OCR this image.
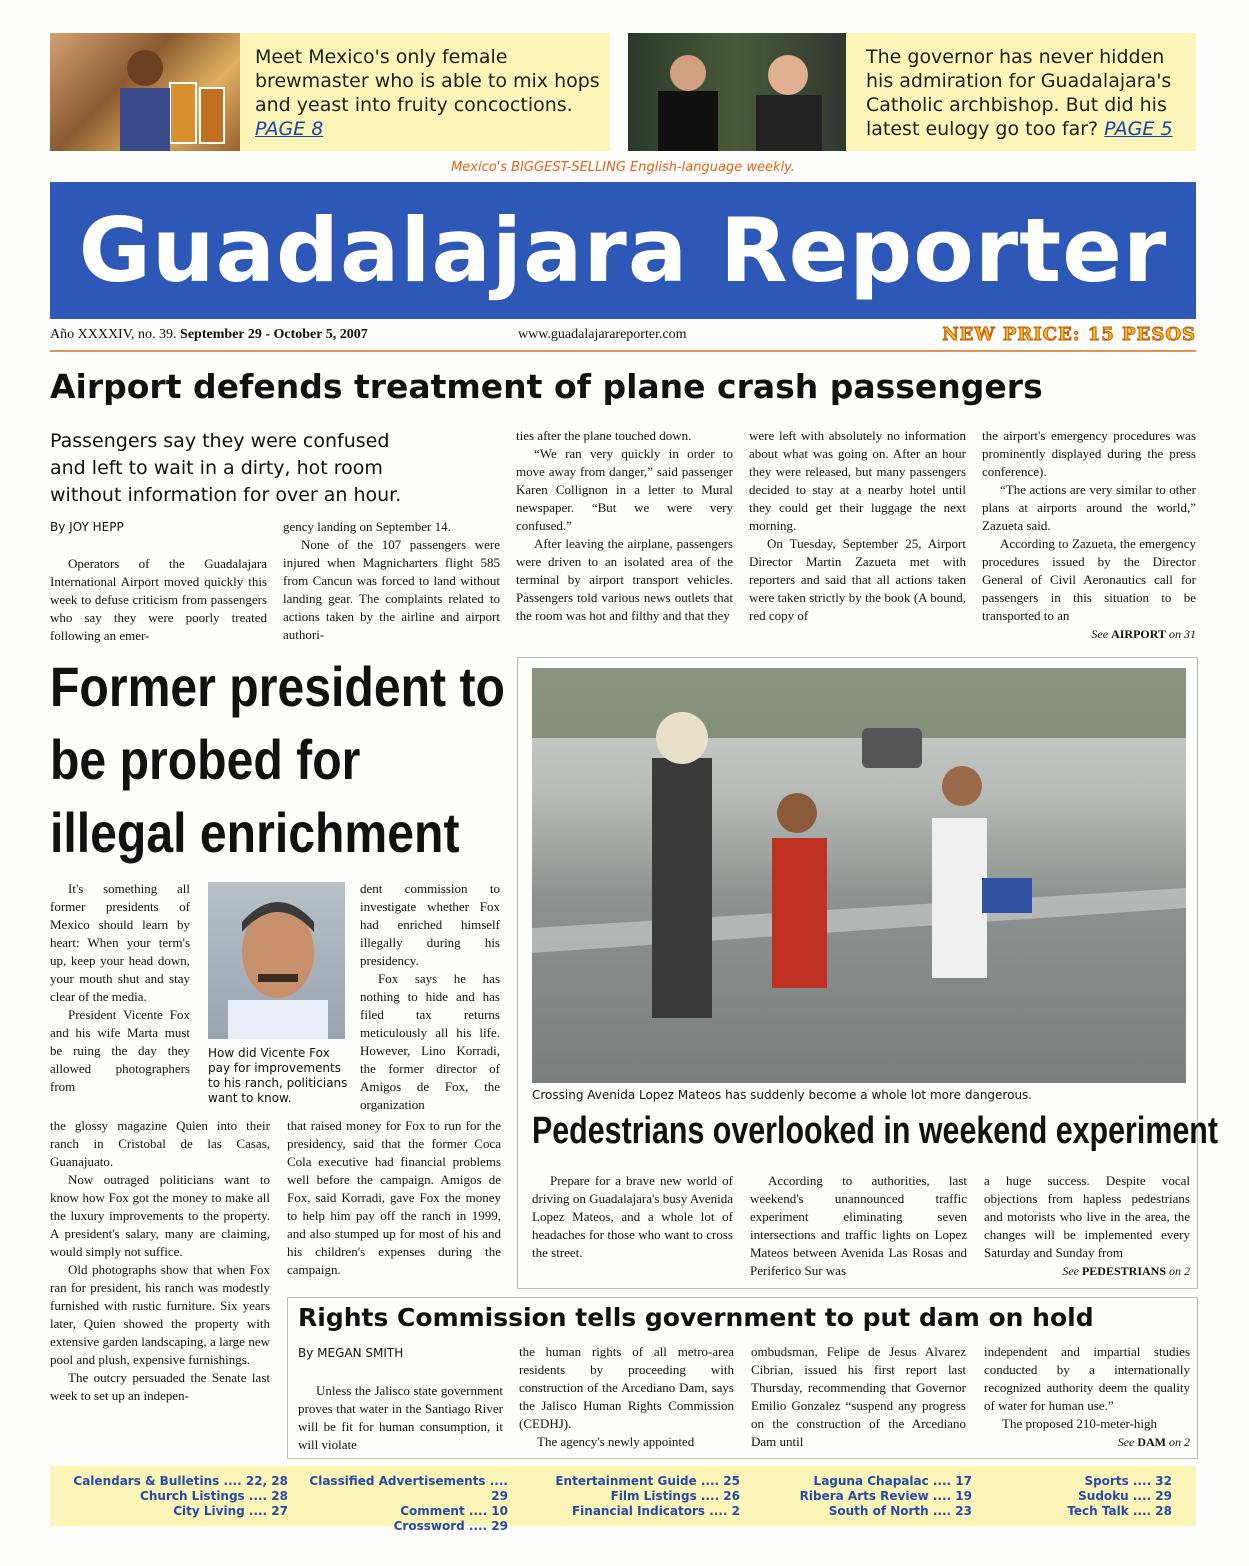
Meet Mexico's only female brewmaster who is able to mix hops and yeast into fruity concoctions. PAGE 8
The governor has never hidden his admiration for Guadalajara's Catholic archbishop. But did his latest eulogy go too far? PAGE 5
Mexico's BIGGEST-SELLING English-language weekly.
Guadalajara Reporter
Año XXXXIV, no. 39. September 29 - October 5, 2007	www.guadalajarareporter.com	NEW PRICE: 15 PESOS
Airport defends treatment of plane crash passengers
Passengers say they were confused and left to wait in a dirty, hot room without information for over an hour.
By JOY HEPP

Operators of the Guadalajara International Airport moved quickly this week to defuse criticism from passengers who say they were poorly treated following an emer-

gency landing on September 14.

None of the 107 passengers were injured when Magnicharters flight 585 from Cancun was forced to land without landing gear. The complaints related to actions taken by the airline and airport authori-

ties after the plane touched down.

“We ran very quickly in order to move away from danger,” said passenger Karen Collignon in a letter to Mural newspaper. “But we were very confused.”

After leaving the airplane, passengers were driven to an isolated area of the terminal by airport transport vehicles. Passengers told various news outlets that the room was hot and filthy and that they

were left with absolutely no information about what was going on. After an hour they were released, but many passengers decided to stay at a nearby hotel until they could get their luggage the next morning.

On Tuesday, September 25, Airport Director Martin Zazueta met with reporters and said that all actions taken were taken strictly by the book (A bound, red copy of

the airport's emergency procedures was prominently displayed during the press conference).

“The actions are very similar to other plans at airports around the world,” Zazueta said.

According to Zazueta, the emergency procedures issued by the Director General of Civil Aeronautics call for passengers in this situation to be transported to an

See AIRPORT on 31
Former president to be probed for illegal enrichment

It's something all former presidents of Mexico should learn by heart: When your term's up, keep your head down, your mouth shut and stay clear of the media.

President Vicente Fox and his wife Marta must be ruing the day they allowed photographers from

How did Vicente Fox pay for improvements to his ranch, politicians want to know.

the glossy magazine Quien into their ranch in Cristobal de las Casas, Guanajuato.

Now outraged politicians want to know how Fox got the money to make all the luxury improvements to the property. A president's salary, many are claiming, would simply not suffice.

Old photographs show that when Fox ran for president, his ranch was modestly furnished with rustic furniture. Six years later, Quien showed the property with extensive garden landscaping, a large new pool and plush, expensive furnishings.

The outcry persuaded the Senate last week to set up an indepen-

dent commission to investigate whether Fox had enriched himself illegally during his presidency.

Fox says he has nothing to hide and has filed tax returns meticulously all his life. However, Lino Korradi, the former director of Amigos de Fox, the organization

that raised money for Fox to run for the presidency, said that the former Coca Cola executive had financial problems well before the campaign. Amigos de Fox, said Korradi, gave Fox the money to help him pay off the ranch in 1999, and also stumped up for most of his and his children's expenses during the campaign.

Crossing Avenida Lopez Mateos has suddenly become a whole lot more dangerous.
Pedestrians overlooked in weekend experiment

Prepare for a brave new world of driving on Guadalajara's busy Avenida Lopez Mateos, and a whole lot of headaches for those who want to cross the street.

According to authorities, last weekend's unannounced traffic experiment eliminating seven intersections and traffic lights on Lopez Mateos between Avenida Las Rosas and Periferico Sur was

a huge success. Despite vocal objections from hapless pedestrians and motorists who live in the area, the changes will be implemented every Saturday and Sunday from

See PEDESTRIANS on 2
Rights Commission tells government to put dam on hold
By MEGAN SMITH

Unless the Jalisco state government proves that water in the Santiago River will be fit for human consumption, it will violate

the human rights of all metro-area residents by proceeding with construction of the Arcediano Dam, says the Jalisco Human Rights Commission (CEDHJ).

The agency's newly appointed

ombudsman, Felipe de Jesus Alvarez Cibrian, issued his first report last Thursday, recommending that Governor Emilio Gonzalez “suspend any progress on the construction of the Arcediano Dam until

independent and impartial studies conducted by a internationally recognized authority deem the quality of water for human use.”

The proposed 210-meter-high

See DAM on 2
Calendars & Bulletins .... 22, 28
Church Listings .... 28
City Living .... 27
Classified Advertisements .... 29
Comment .... 10
Crossword .... 29
Entertainment Guide .... 25
Film Listings .... 26
Financial Indicators .... 2
Laguna Chapalac .... 17
Ribera Arts Review .... 19
South of North .... 23
Sports .... 32
Sudoku .... 29
Tech Talk .... 28
